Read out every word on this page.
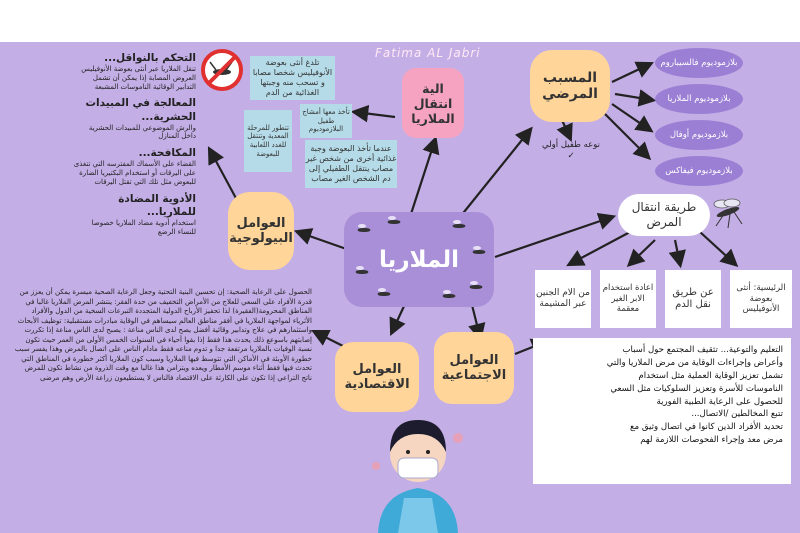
Fatima AL Jabri
التحكم بالنواقل...
تنقل الملاريا عبر أنثى بعوضة الأنوفيليس العروض المصابة إذا يمكن أن تشمل التدابير الوقائية الناموسات المشبعة
المعالجة في المبيدات الحشرية...
والرش الموضوعي للمبيدات الحشرية داخل المنازل
المكافحة...
القضاء على الأسماك المفترسه التي تتغذى على اليرقات أو استخدام البكتيريا الضارة للبعوض مثل تلك التي تقتل اليرقات
الأدوية المضادة للملاريا...
استخدام أدوية مضاد الملاريا خصوصا للنساء الرضع
تلدغ أنثى بعوضة الأنوفيليس شخصا مصابا و تسحب منه وجبتها الغذائية من الدم
تأخذ معها أمشاج طفيل البلازموديوم
تتطور للمرحلة المعدية وتنتقل للغدد اللعابية للبعوضة
عندما تأخذ البعوضة وجبة غذائية أخرى من شخص غير مصاب ينتقل الطفيلي إلى دم الشخص الغير مصاب
الية انتقال الملاريا
المسبب المرضي
نوعه طفيل أولي ✓
بلازموديوم فالسيباروم
بلازموديوم الملاريا
بلازموديوم أوفال
بلازموديوم فيفاكس
طريقة انتقال المرض
الرئيسية: أنثى بعوضة الأنوفيليس
عن طريق نقل الدم
اعادة استخدام الابر الغير معقمة
من الام الجنين عبر المشيمة
العوامل البيولوجية
الملاريا
الحصول على الرعاية الصحية: إن تحسين البنية التحتية وجعل الرعاية الصحية ميسرة يمكن أن يعزز من قدرة الأفراد على السعي للعلاج من الأمراض التخفيف من حدة الفقر: ينتشر المرض الملاريا غالبا في المناطق المحرومة(الفقيرة) لذا تحفيز الأرباح الدولية المتجددة التبرعات السخية من الدول والأفراد الأثرياء لمواجهة الملاريا في أفقر مناطق العالم سيساهم في الوقاية مبادرات مستقبلية: توظيف الأبحاث واستثمارهم في علاج وتدابير وقائية أفضل يصح لدى الناس مناعة : يصبح لدى الناس مناعة إذا تكررت إصابتهم باسوعع ذلك يحدث هذا فقط إذا بقوا أحياء في السنوات الخمس الأولى من العمر حيث تكون نسبة الوفيات بالملاريا مرتفعة جدا و تدوم مناعه فقط مادام الناس على اتصال بالمرض وهذا يفسر سبب خطورة الأوبئة في الأماكن التي تتوسط فيها الملاريا وسبب كون الملاريا أكثر خطورة في المناطق التي تحدث فيها فقط أثناء موسم الأمطار ويعده ويتزامن هذا غالبا مع وقت الذروة من نشاط تكون للمرض ناتج التراعي إذا تكون على الكارثة على الاقتصاد فالناس لا يستطيعون زراعة الأرض وهم مرضى
العوامل الاقتصادية
العوامل الاجتماعية
التعليم والتوعية... تثقيف المجتمع حول أسباب
وأعراض وإجراءات الوقاية من مرض الملاريا والتي
تشمل تعزيز الوقاية العملية مثل استخدام
الناموسات للأسرة وتعزيز السلوكيات مثل السعي
للحصول على الرعاية الطبية الفورية
تتبع المخالطين /الاتصال...
تحديد الأفراد الذين كانوا في اتصال وثيق مع
مرض معد وإجراء الفحوصات اللازمة لهم
